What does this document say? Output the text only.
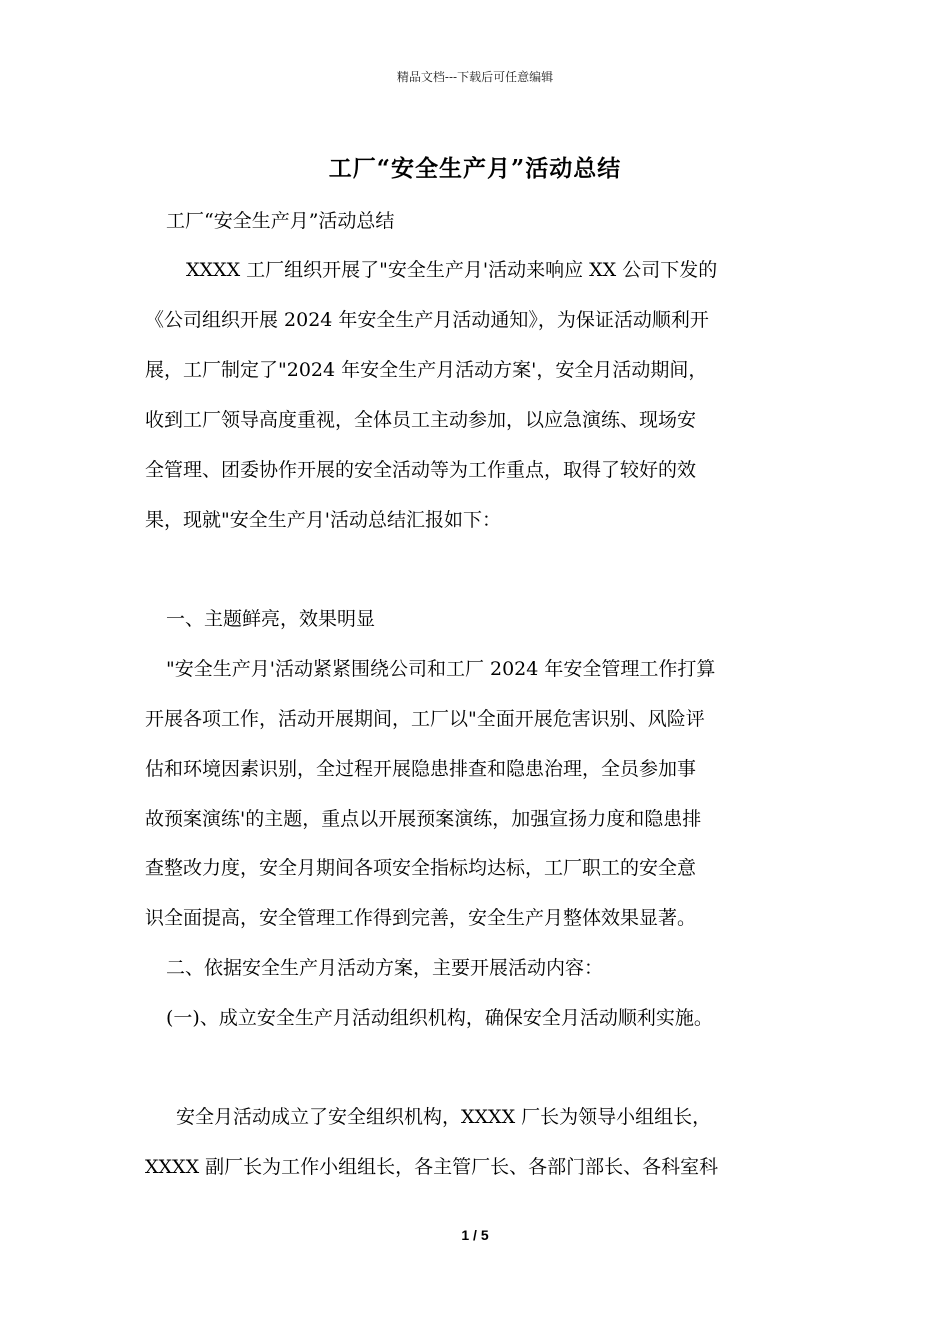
精品文档---下载后可任意编辑
工厂“安全生产月”活动总结
工厂“安全生产月”活动总结
XXXX 工厂组织开展了"安全生产月'活动来响应 XX 公司下发的
《公司组织开展 2024 年安全生产月活动通知》，为保证活动顺利开
展，工厂制定了"2024 年安全生产月活动方案'，安全月活动期间，
收到工厂领导高度重视，全体员工主动参加，以应急演练、现场安
全管理、团委协作开展的安全活动等为工作重点，取得了较好的效
果，现就"安全生产月'活动总结汇报如下：
一、主题鲜亮，效果明显
"安全生产月'活动紧紧围绕公司和工厂 2024 年安全管理工作打算
开展各项工作，活动开展期间，工厂以"全面开展危害识别、风险评
估和环境因素识别，全过程开展隐患排查和隐患治理，全员参加事
故预案演练'的主题，重点以开展预案演练，加强宣扬力度和隐患排
查整改力度，安全月期间各项安全指标均达标，工厂职工的安全意
识全面提高，安全管理工作得到完善，安全生产月整体效果显著。
二、依据安全生产月活动方案，主要开展活动内容：
(一)、成立安全生产月活动组织机构，确保安全月活动顺利实施。
安全月活动成立了安全组织机构，XXXX 厂长为领导小组组长，
XXXX 副厂长为工作小组组长，各主管厂长、各部门部长、各科室科
1 / 5
